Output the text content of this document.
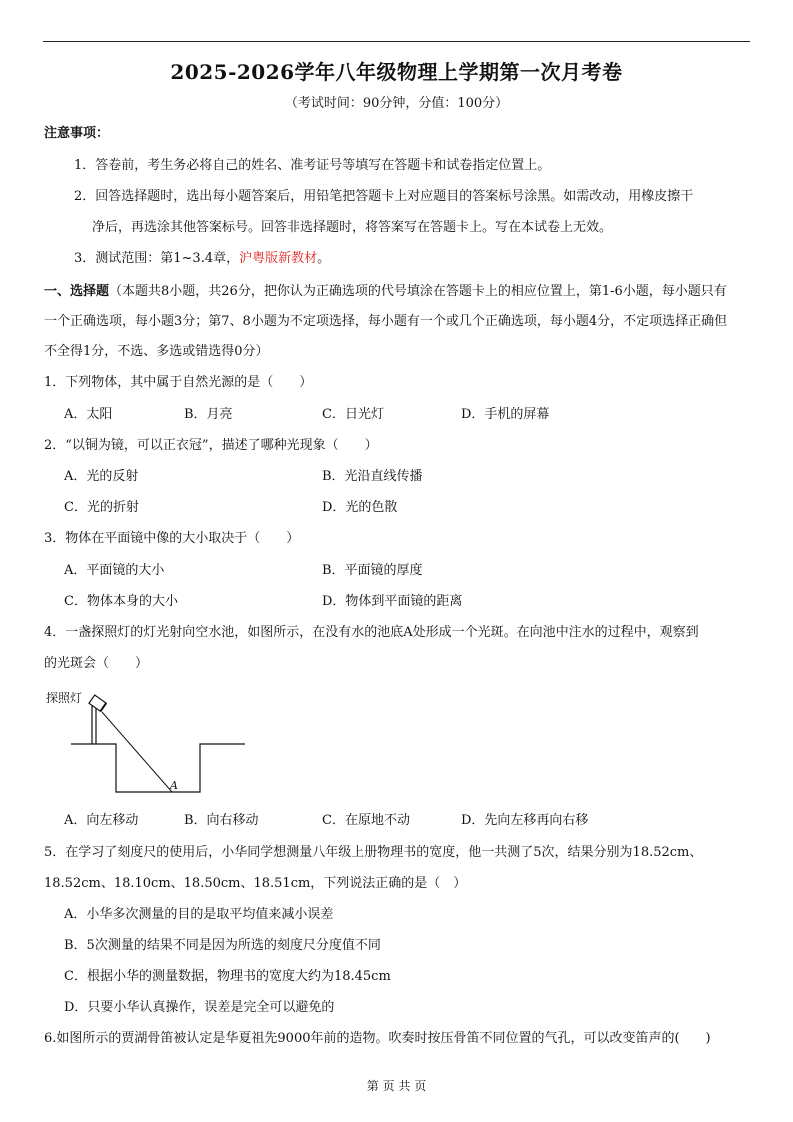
2025-2026学年八年级物理上学期第一次月考卷
（考试时间：90分钟，分值：100分）
注意事项：
1．答卷前，考生务必将自己的姓名、准考证号等填写在答题卡和试卷指定位置上。
2．回答选择题时，选出每小题答案后，用铅笔把答题卡上对应题目的答案标号涂黑。如需改动，用橡皮擦干
净后，再选涂其他答案标号。回答非选择题时，将答案写在答题卡上。写在本试卷上无效。
3．测试范围：第1~3.4章，沪粤版新教材。
一、选择题（本题共8小题，共26分，把你认为正确选项的代号填涂在答题卡上的相应位置上，第1-6小题，每小题只有
一个正确选项，每小题3分；第7、8小题为不定项选择，每小题有一个或几个正确选项，每小题4分，不定项选择正确但
不全得1分，不选、多选或错选得0分）
1．下列物体，其中属于自然光源的是（　　）
A．太阳	B．月亮	C．日光灯	D．手机的屏幕
2．“以铜为镜，可以正衣冠”，描述了哪种光现象（　　）
A．光的反射	B．光沿直线传播
C．光的折射	D．光的色散
3．物体在平面镜中像的大小取决于（　　）
A．平面镜的大小	B．平面镜的厚度
C．物体本身的大小	D．物体到平面镜的距离
4．一盏探照灯的灯光射向空水池，如图所示，在没有水的池底A处形成一个光斑。在向池中注水的过程中，观察到
的光斑会（　　）
探照灯
A
A．向左移动	B．向右移动	C．在原地不动	D．先向左移再向右移
5．在学习了刻度尺的使用后，小华同学想测量八年级上册物理书的宽度，他一共测了5次，结果分别为18.52cm、
18.52cm、18.10cm、18.50cm、18.51cm，下列说法正确的是（　）
A．小华多次测量的目的是取平均值来减小误差
B．5次测量的结果不同是因为所选的刻度尺分度值不同
C．根据小华的测量数据，物理书的宽度大约为18.45cm
D．只要小华认真操作，误差是完全可以避免的
6.如图所示的贾湖骨笛被认定是华夏祖先9000年前的造物。吹奏时按压骨笛不同位置的气孔，可以改变笛声的(　　)
第 页 共 页
